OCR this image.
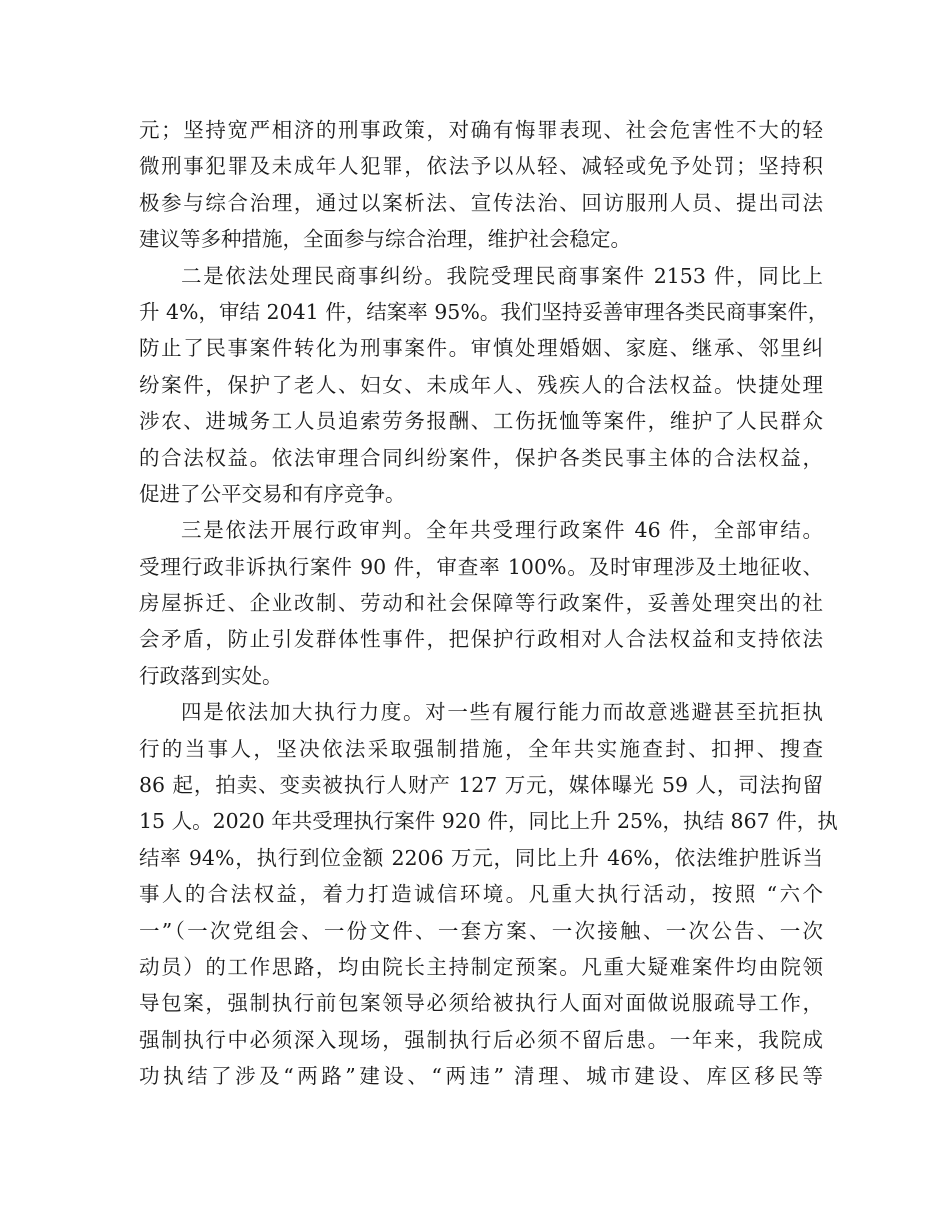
元；坚持宽严相济的刑事政策，对确有悔罪表现、社会危害性不大的轻
微刑事犯罪及未成年人犯罪，依法予以从轻、减轻或免予处罚；坚持积
极参与综合治理，通过以案析法、宣传法治、回访服刑人员、提出司法
建议等多种措施，全面参与综合治理，维护社会稳定。
二是依法处理民商事纠纷。我院受理民商事案件 2153 件，同比上
升 4%，审结 2041 件，结案率 95%。我们坚持妥善审理各类民商事案件，
防止了民事案件转化为刑事案件。审慎处理婚姻、家庭、继承、邻里纠
纷案件，保护了老人、妇女、未成年人、残疾人的合法权益。快捷处理
涉农、进城务工人员追索劳务报酬、工伤抚恤等案件，维护了人民群众
的合法权益。依法审理合同纠纷案件，保护各类民事主体的合法权益，
促进了公平交易和有序竞争。
三是依法开展行政审判。全年共受理行政案件 46 件，全部审结。
受理行政非诉执行案件 90 件，审查率 100%。及时审理涉及土地征收、
房屋拆迁、企业改制、劳动和社会保障等行政案件，妥善处理突出的社
会矛盾，防止引发群体性事件，把保护行政相对人合法权益和支持依法
行政落到实处。
四是依法加大执行力度。对一些有履行能力而故意逃避甚至抗拒执
行的当事人，坚决依法采取强制措施，全年共实施查封、扣押、搜查
86 起，拍卖、变卖被执行人财产 127 万元，媒体曝光 59 人，司法拘留
15 人。2020 年共受理执行案件 920 件，同比上升 25%，执结 867 件，执
结率 94%，执行到位金额 2206 万元，同比上升 46%，依法维护胜诉当
事人的合法权益，着力打造诚信环境。凡重大执行活动，按照 “六个
一”（一次党组会、一份文件、一套方案、一次接触、一次公告、一次
动员）的工作思路，均由院长主持制定预案。凡重大疑难案件均由院领
导包案，强制执行前包案领导必须给被执行人面对面做说服疏导工作，
强制执行中必须深入现场，强制执行后必须不留后患。一年来，我院成
功执结了涉及“两路”建设、“两违” 清理、城市建设、库区移民等
